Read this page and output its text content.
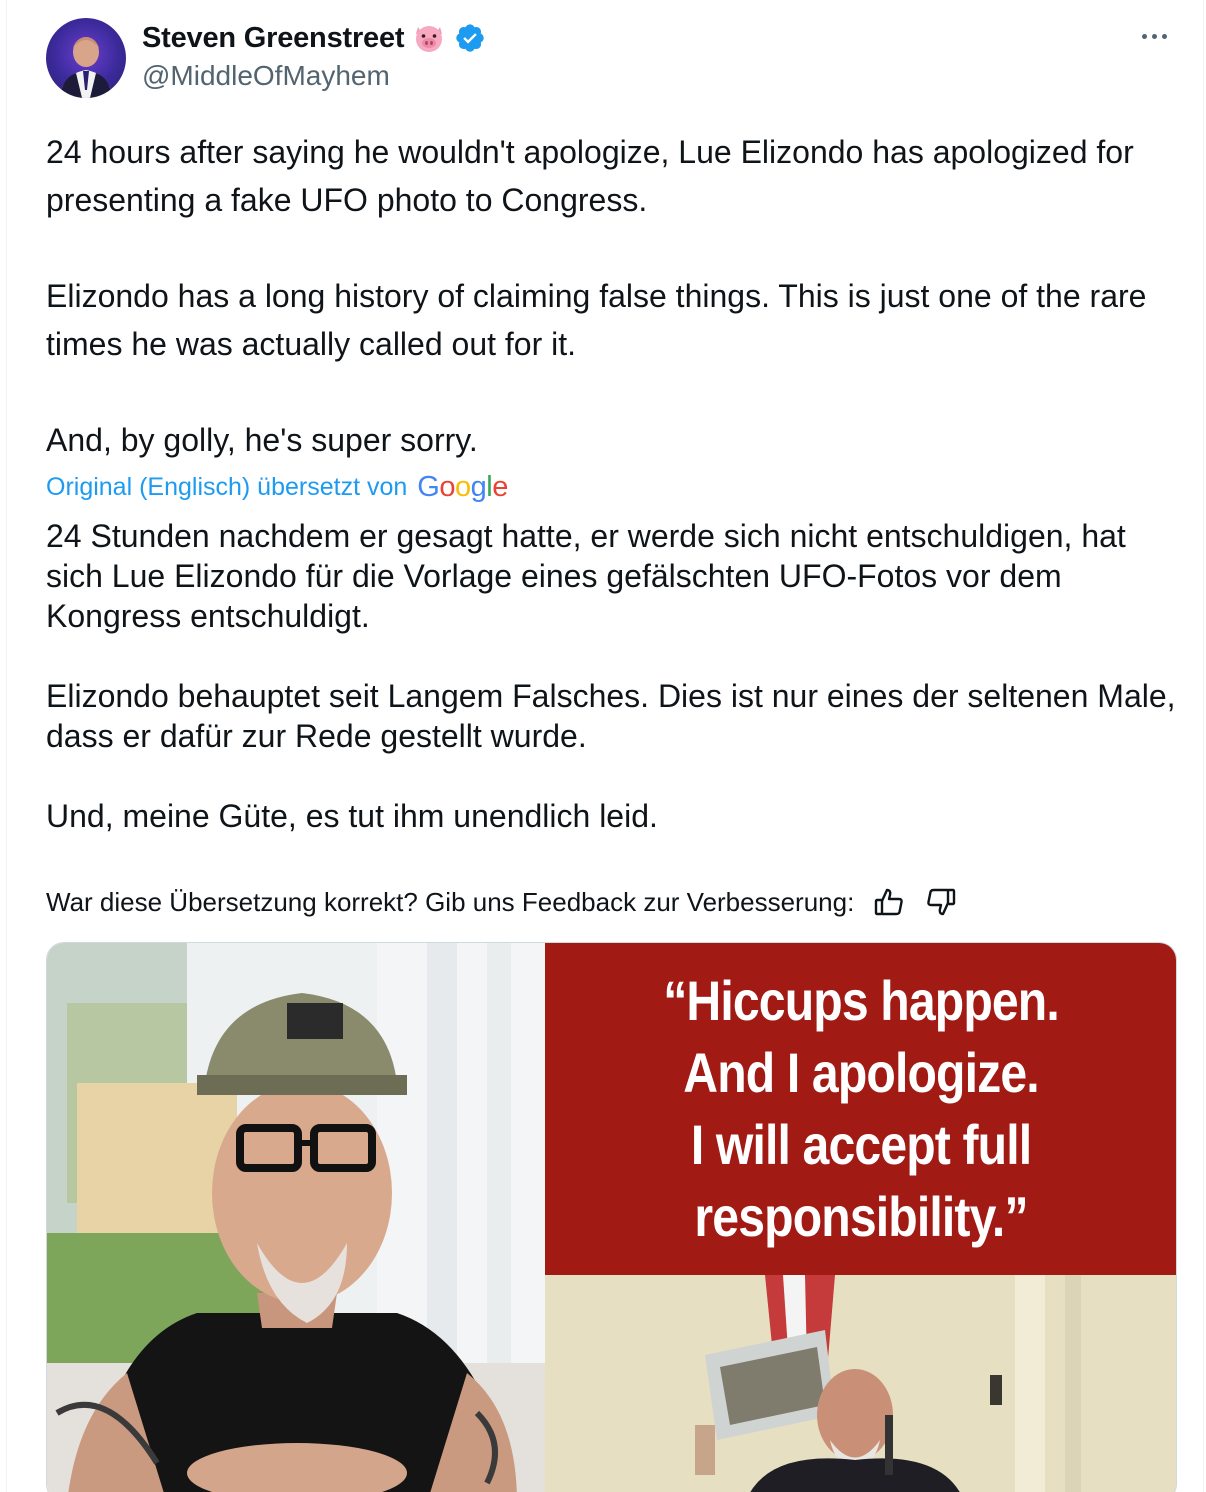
Steven Greenstreet
@MiddleOfMayhem

24 hours after saying he wouldn't apologize, Lue Elizondo has apologized for presenting a fake UFO photo to Congress.

Elizondo has a long history of claiming false things. This is just one of the rare times he was actually called out for it.

And, by golly, he's super sorry.

Original (Englisch) übersetzt von Google

24 Stunden nachdem er gesagt hatte, er werde sich nicht entschuldigen, hat sich Lue Elizondo für die Vorlage eines gefälschten UFO-Fotos vor dem Kongress entschuldigt.

Elizondo behauptet seit Langem Falsches. Dies ist nur eines der seltenen Male, dass er dafür zur Rede gestellt wurde.

Und, meine Güte, es tut ihm unendlich leid.

War diese Übersetzung korrekt? Gib uns Feedback zur Verbesserung:
“Hiccups happen.
And I apologize.
I will accept full
responsibility.”
